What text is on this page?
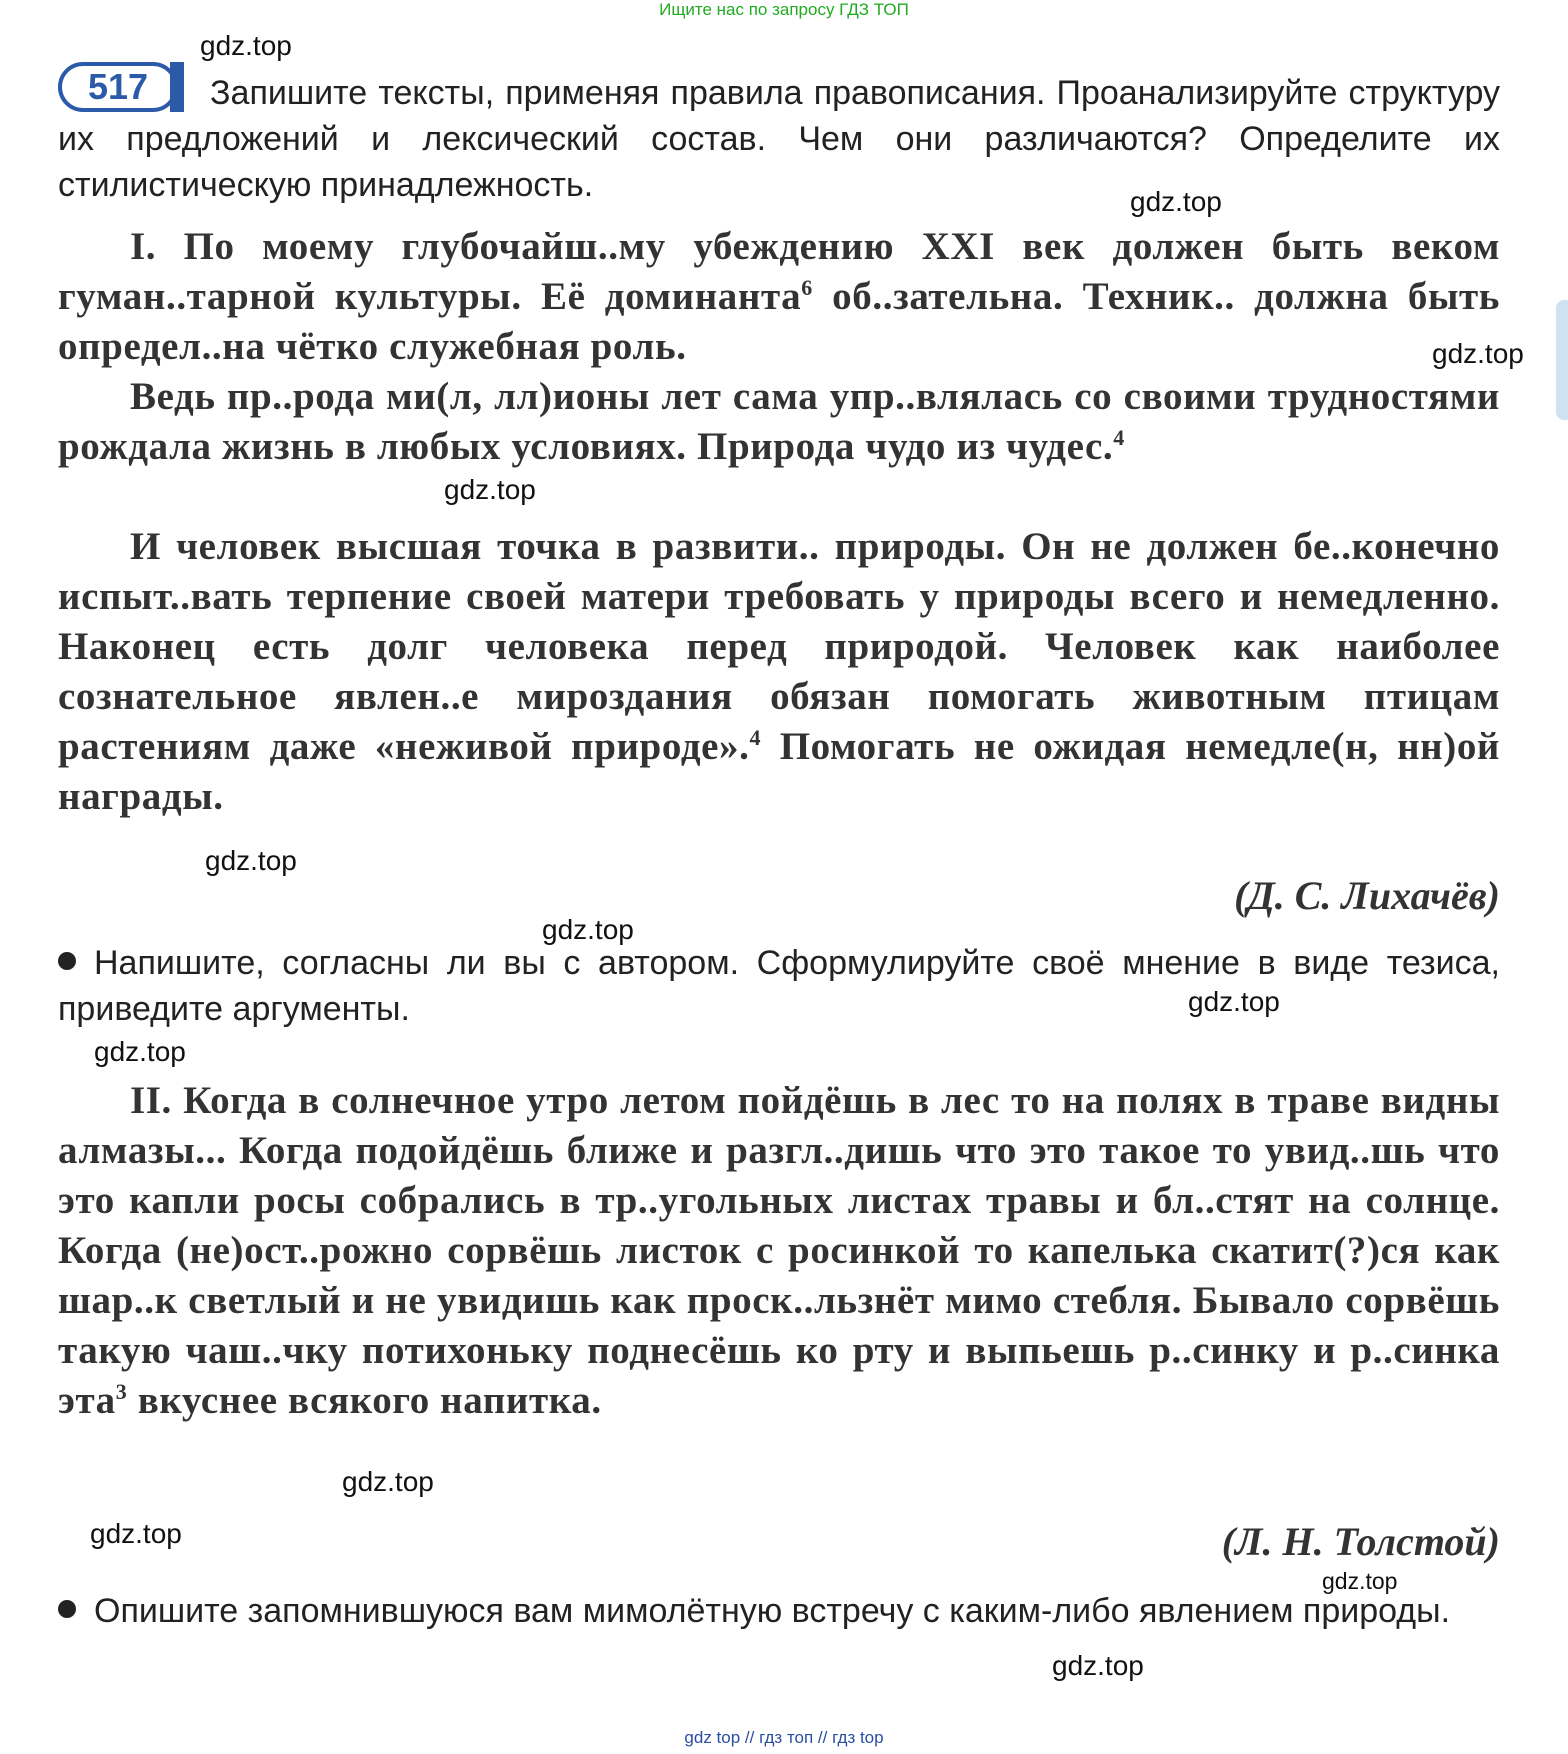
Ищите нас по запросу ГДЗ ТОП
517	Запишите тексты, применяя правила правописания. Проанализируйте структуру их предложений и лексический состав. Чем они различаются? Определите их стилистическую принадлежность.

I. По моему глубочайш..му убеждению XXI век должен быть веком гуман..тарной культуры. Её доминанта$^6$ об..зательна. Техник.. должна быть определ..на чётко служебная роль.

Ведь пр..рода ми(л, лл)ионы лет сама упр..влялась со своими трудностями рождала жизнь в любых условиях. Природа чудо из чудес.$^4$

И человек высшая точка в развити.. природы. Он не должен бе..конечно испыт..вать терпение своей матери требовать у природы всего и немедленно. Наконец есть долг человека перед природой. Человек как наиболее сознательное явлен..е мироздания обязан помогать животным птицам растениям даже «неживой природе».$^4$ Помогать не ожидая немедле(н, нн)ой награды.

(Д. С. Лихачёв)

Напишите, согласны ли вы с автором. Сформулируйте своё мнение в виде тезиса, приведите аргументы.

II. Когда в солнечное утро летом пойдёшь в лес то на полях в траве видны алмазы... Когда подойдёшь ближе и разгл..дишь что это такое то увид..шь что это капли росы собрались в тр..угольных листах травы и бл..стят на солнце. Когда (не)ост..рожно сорвёшь листок с росинкой то капелька скатит(?)ся как шар..к светлый и не увидишь как проск..льзнёт мимо стебля. Бывало сорвёшь такую чаш..чку потихоньку поднесёшь ко рту и выпьешь р..синку и р..синка эта$^3$ вкуснее всякого напитка.

(Л. Н. Толстой)

Опишите запомнившуюся вам мимолётную встречу с каким-либо явлением природы.

gdz.top
gdz.top
gdz.top
gdz.top
gdz.top
gdz.top
gdz.top
gdz.top
gdz.top
gdz.top
gdz.top
gdz.top
gdz top // гдз топ // гдз top
